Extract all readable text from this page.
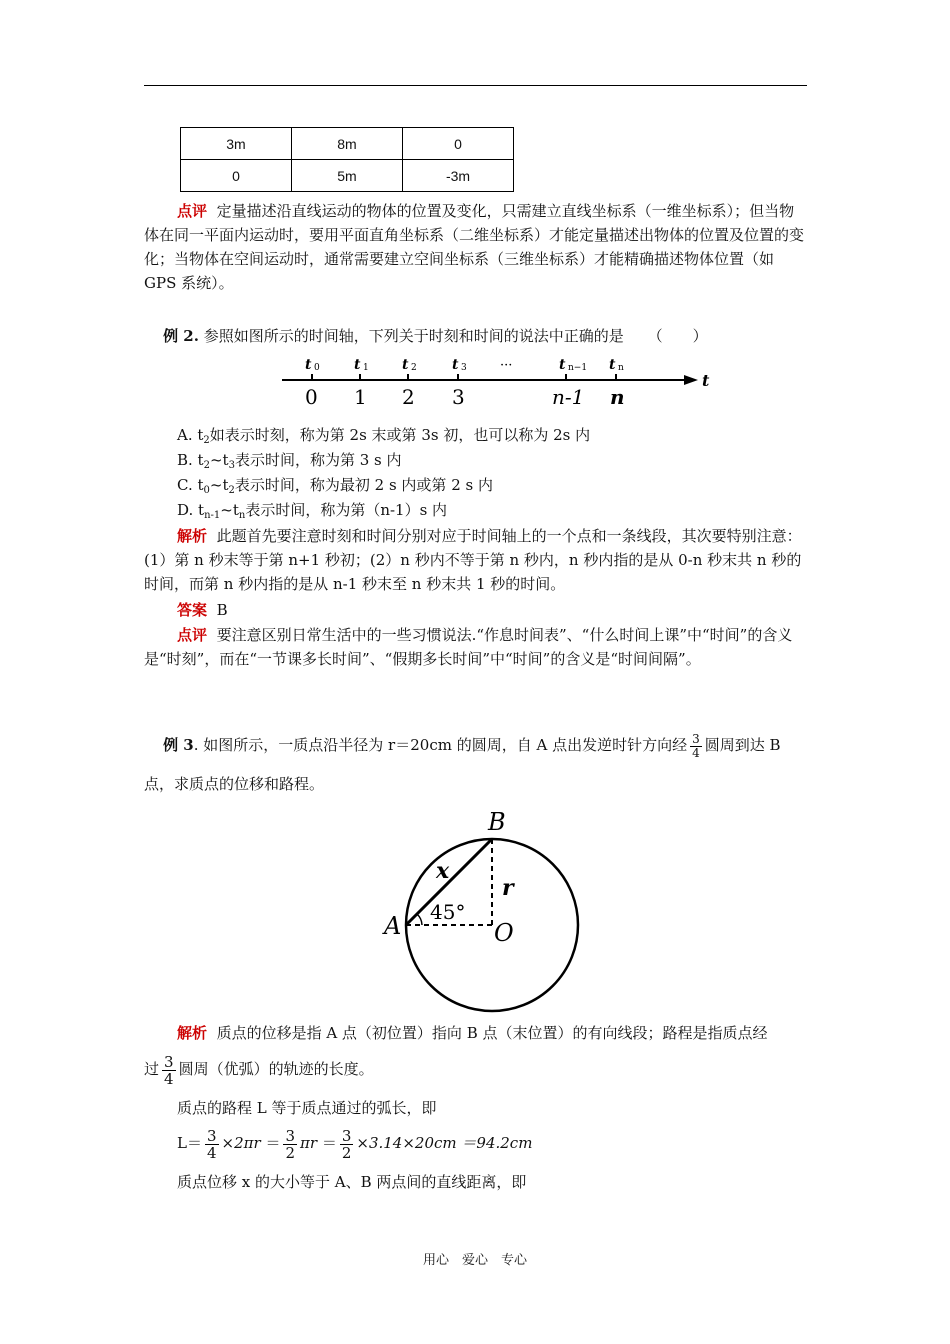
3m	8m	0
0	5m	-3m

点评 定量描述沿直线运动的物体的位置及变化，只需建立直线坐标系（一维坐标系）；但当物体在同一平面内运动时，要用平面直角坐标系（二维坐标系）才能定量描述出物体的位置及位置的变化；当物体在空间运动时，通常需要建立空间坐标系（三维坐标系）才能精确描述物体位置（如 GPS 系统）。

例 2. 参照如图所示的时间轴，下列关于时刻和时间的说法中正确的是 （　　）

t	t	t	t	t	t
0	1	2	3	n−1	n
···
t
0 1 2 3	n-1 n

A. $t_2$如表示时刻，称为第 2s 末或第 3s 初，也可以称为 2s 内

B. $t_2\sim t_3$表示时间，称为第 3 s 内

C. $t_0\sim t_2$表示时间，称为最初 2 s 内或第 2 s 内

D. $t_{n-1}\sim t_n$表示时间，称为第（n-1）s 内

解析 此题首先要注意时刻和时间分别对应于时间轴上的一个点和一条线段，其次要特别注意：(1）第 n 秒末等于第 n+1 秒初；(2）n 秒内不等于第 n 秒内，n 秒内指的是从 0-n 秒末共 n 秒的时间，而第 n 秒内指的是从 n-1 秒末至 n 秒末共 1 秒的时间。

答案 B

点评 要注意区别日常生活中的一些习惯说法.“作息时间表”、“什么时间上课”中“时间”的含义是“时刻”，而在“一节课多长时间”、“假期多长时间”中“时间”的含义是“时间间隔”。

例 3. 如图所示，一质点沿半径为 r＝20cm 的圆周，自 A 点出发逆时针方向经 $\frac{3}{4}$ 圆周到达 B

点，求质点的位移和路程。

B
A	O
x
r
45°

解析 质点的位移是指 A 点（初位置）指向 B 点（末位置）的有向线段；路程是指质点经

过 $\frac{3}{4}$ 圆周（优弧）的轨迹的长度。

质点的路程 L 等于质点通过的弧长，即

$L= \frac{3}{4} \times 2\pi r = \frac{3}{2}$ $\pi r = \frac{3}{2} \times 3.14\times 20cm =94.2cm$

质点位移 x 的大小等于 A、B 两点间的直线距离，即

用心　爱心　专心
